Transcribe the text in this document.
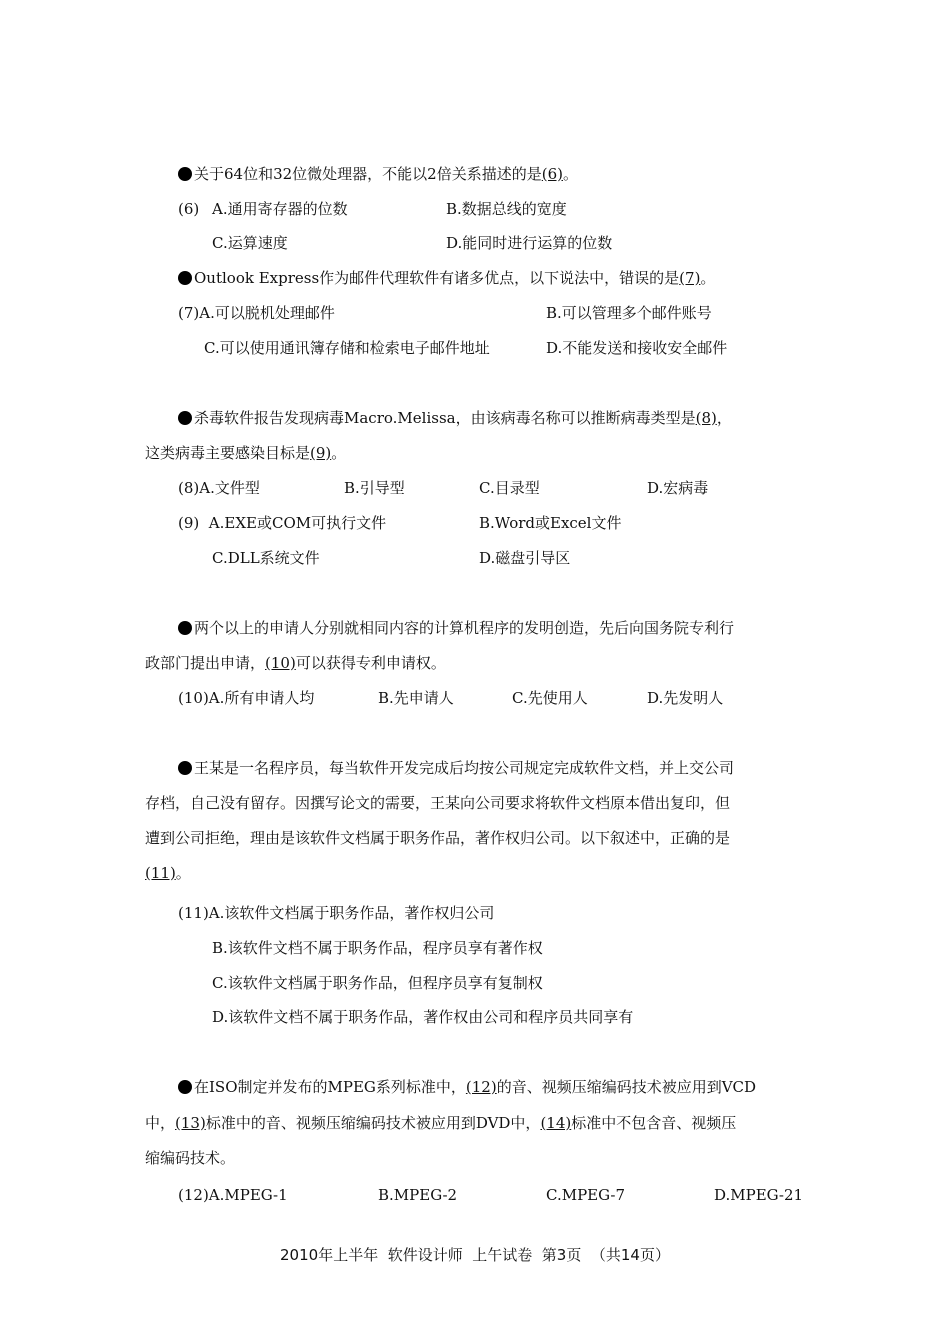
关于64位和32位微处理器，不能以2倍关系描述的是(6)。
(6) A.通用寄存器的位数	B.数据总线的宽度
C.运算速度	D.能同时进行运算的位数
Outlook Express作为邮件代理软件有诸多优点，以下说法中，错误的是(7)。
(7)A.可以脱机处理邮件	B.可以管理多个邮件账号
C.可以使用通讯簿存储和检索电子邮件地址	D.不能发送和接收安全邮件
杀毒软件报告发现病毒Macro.Melissa，由该病毒名称可以推断病毒类型是(8)，
这类病毒主要感染目标是(9)。
(8)A.文件型	B.引导型	C.目录型	D.宏病毒
(9)  A.EXE或COM可执行文件	B.Word或Excel文件
C.DLL系统文件	D.磁盘引导区
两个以上的申请人分别就相同内容的计算机程序的发明创造，先后向国务院专利行
政部门提出申请，(10)可以获得专利申请权。
(10)A.所有申请人均	B.先申请人	C.先使用人	D.先发明人
王某是一名程序员，每当软件开发完成后均按公司规定完成软件文档，并上交公司
存档，自己没有留存。因撰写论文的需要，王某向公司要求将软件文档原本借出复印，但
遭到公司拒绝，理由是该软件文档属于职务作品，著作权归公司。以下叙述中，正确的是
(11)。
(11)A.该软件文档属于职务作品，著作权归公司
B.该软件文档不属于职务作品，程序员享有著作权
C.该软件文档属于职务作品，但程序员享有复制权
D.该软件文档不属于职务作品，著作权由公司和程序员共同享有
在ISO制定并发布的MPEG系列标准中，(12)的音、视频压缩编码技术被应用到VCD
中，(13)标准中的音、视频压缩编码技术被应用到DVD中，(14)标准中不包含音、视频压
缩编码技术。
(12)A.MPEG-1	B.MPEG-2	C.MPEG-7	D.MPEG-21
2010年上半年  软件设计师  上午试卷  第3页  （共14页）
